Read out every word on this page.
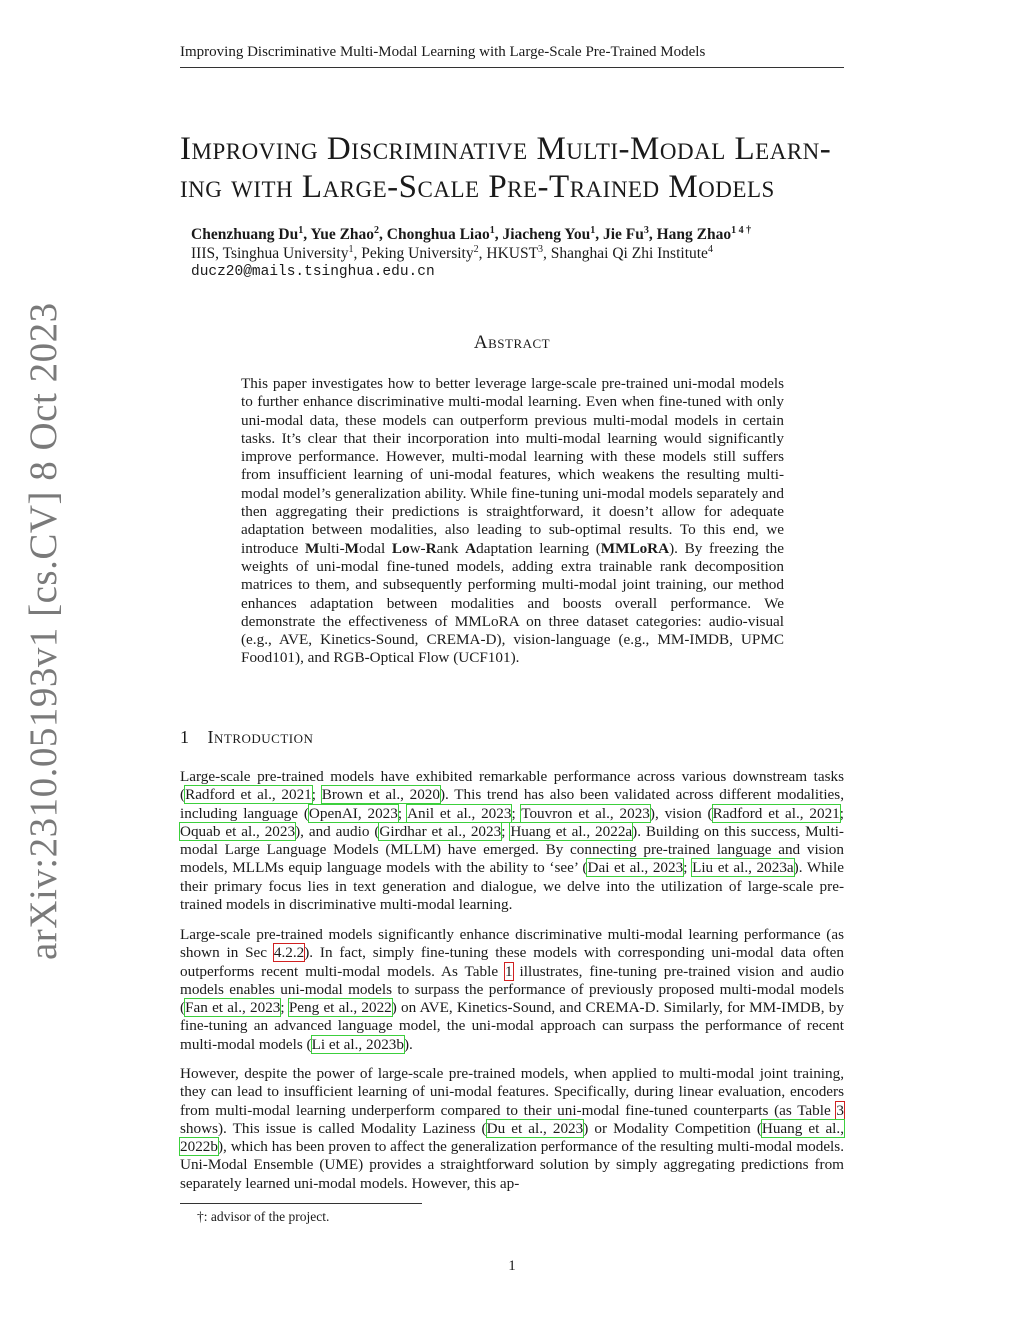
Improving Discriminative Multi-Modal Learning with Large-Scale Pre-Trained Models
arXiv:2310.05193v1 [cs.CV] 8 Oct 2023
Improving Discriminative Multi-Modal Learn- ing with Large-Scale Pre-Trained Models
Chenzhuang Du$^1$, Yue Zhao$^2$, Chonghua Liao$^1$, Jiacheng You$^1$, Jie Fu$^3$, Hang Zhao$^{1 4 \dagger}$
IIIS, Tsinghua University$^1$, Peking University$^2$, HKUST$^3$, Shanghai Qi Zhi Institute$^4$
ducz20@mails.tsinghua.edu.cn
Abstract
This paper investigates how to better leverage large-scale pre-trained uni-modal models to further enhance discriminative multi-modal learning. Even when fine-tuned with only uni-modal data, these models can outperform previous multi-modal models in certain tasks. It’s clear that their incorporation into multi-modal learning would significantly improve performance. However, multi-modal learning with these models still suffers from insufficient learning of uni-modal features, which weakens the resulting multi-modal model’s generalization ability. While fine-tuning uni-modal models separately and then aggregating their predictions is straightforward, it doesn’t allow for adequate adaptation between modalities, also leading to sub-optimal results. To this end, we introduce Multi-Modal Low-Rank Adaptation learning (MMLoRA). By freezing the weights of uni-modal fine-tuned models, adding extra trainable rank decomposition matrices to them, and subsequently performing multi-modal joint training, our method enhances adaptation between modalities and boosts overall performance. We demonstrate the effectiveness of MMLoRA on three dataset categories: audio-visual (e.g., AVE, Kinetics-Sound, CREMA-D), vision-language (e.g., MM-IMDB, UPMC Food101), and RGB-Optical Flow (UCF101).
1 Introduction

Large-scale pre-trained models have exhibited remarkable performance across various downstream tasks (Radford et al., 2021; Brown et al., 2020). This trend has also been validated across different modalities, including language (OpenAI, 2023; Anil et al., 2023; Touvron et al., 2023), vision (Radford et al., 2021; Oquab et al., 2023), and audio (Girdhar et al., 2023; Huang et al., 2022a). Building on this success, Multi-modal Large Language Models (MLLM) have emerged. By connecting pre-trained language and vision models, MLLMs equip language models with the ability to ‘see’ (Dai et al., 2023; Liu et al., 2023a). While their primary focus lies in text generation and dialogue, we delve into the utilization of large-scale pre-trained models in discriminative multi-modal learning.

Large-scale pre-trained models significantly enhance discriminative multi-modal learning performance (as shown in Sec 4.2.2). In fact, simply fine-tuning these models with corresponding uni-modal data often outperforms recent multi-modal models. As Table 1 illustrates, fine-tuning pre-trained vision and audio models enables uni-modal models to surpass the performance of previously proposed multi-modal models (Fan et al., 2023; Peng et al., 2022) on AVE, Kinetics-Sound, and CREMA-D. Similarly, for MM-IMDB, by fine-tuning an advanced language model, the uni-modal approach can surpass the performance of recent multi-modal models (Li et al., 2023b).

However, despite the power of large-scale pre-trained models, when applied to multi-modal joint training, they can lead to insufficient learning of uni-modal features. Specifically, during linear evaluation, encoders from multi-modal learning underperform compared to their uni-modal fine-tuned counterparts (as Table 3 shows). This issue is called Modality Laziness (Du et al., 2023) or Modality Competition (Huang et al., 2022b), which has been proven to affect the generalization performance of the resulting multi-modal models. Uni-Modal Ensemble (UME) provides a straightforward solution by simply aggregating predictions from separately learned uni-modal models. However, this ap-

†: advisor of the project.
1
